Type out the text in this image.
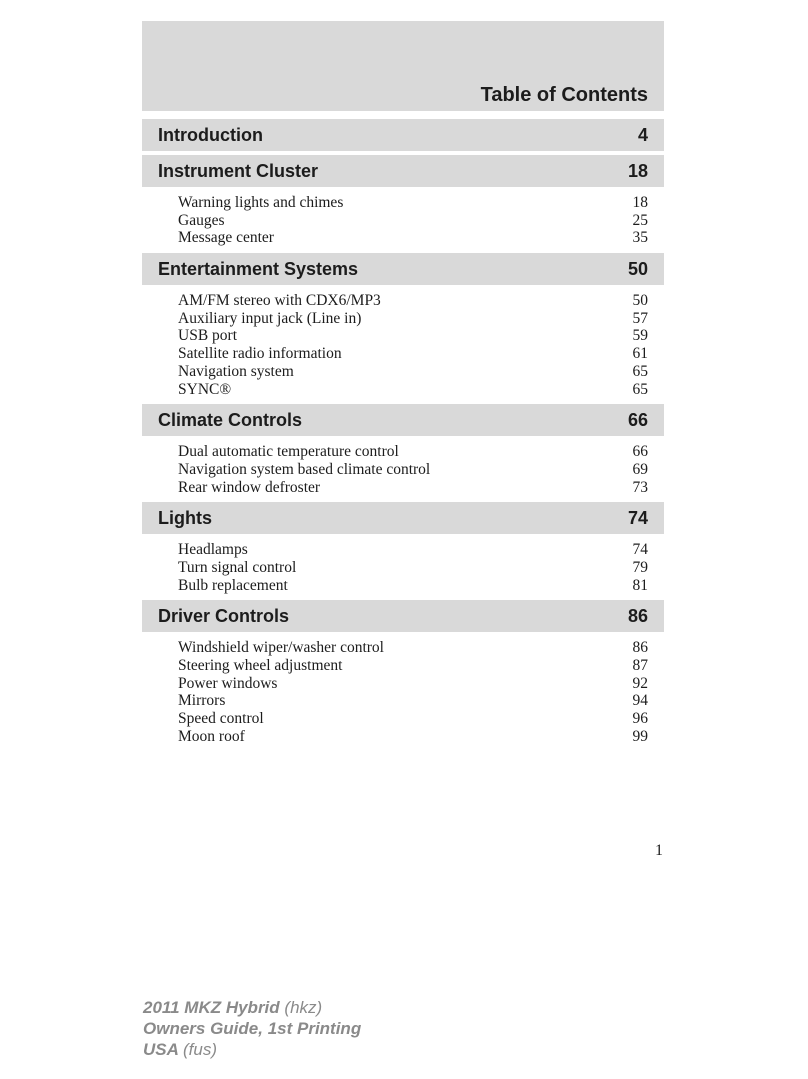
Table of Contents
Introduction	4
Instrument Cluster	18
Warning lights and chimes	18
Gauges	25
Message center	35
Entertainment Systems	50
AM/FM stereo with CDX6/MP3	50
Auxiliary input jack (Line in)	57
USB port	59
Satellite radio information	61
Navigation system	65
SYNC®	65
Climate Controls	66
Dual automatic temperature control	66
Navigation system based climate control	69
Rear window defroster	73
Lights	74
Headlamps	74
Turn signal control	79
Bulb replacement	81
Driver Controls	86
Windshield wiper/washer control	86
Steering wheel adjustment	87
Power windows	92
Mirrors	94
Speed control	96
Moon roof	99
1
2011 MKZ Hybrid (hkz)
Owners Guide, 1st Printing
USA (fus)
